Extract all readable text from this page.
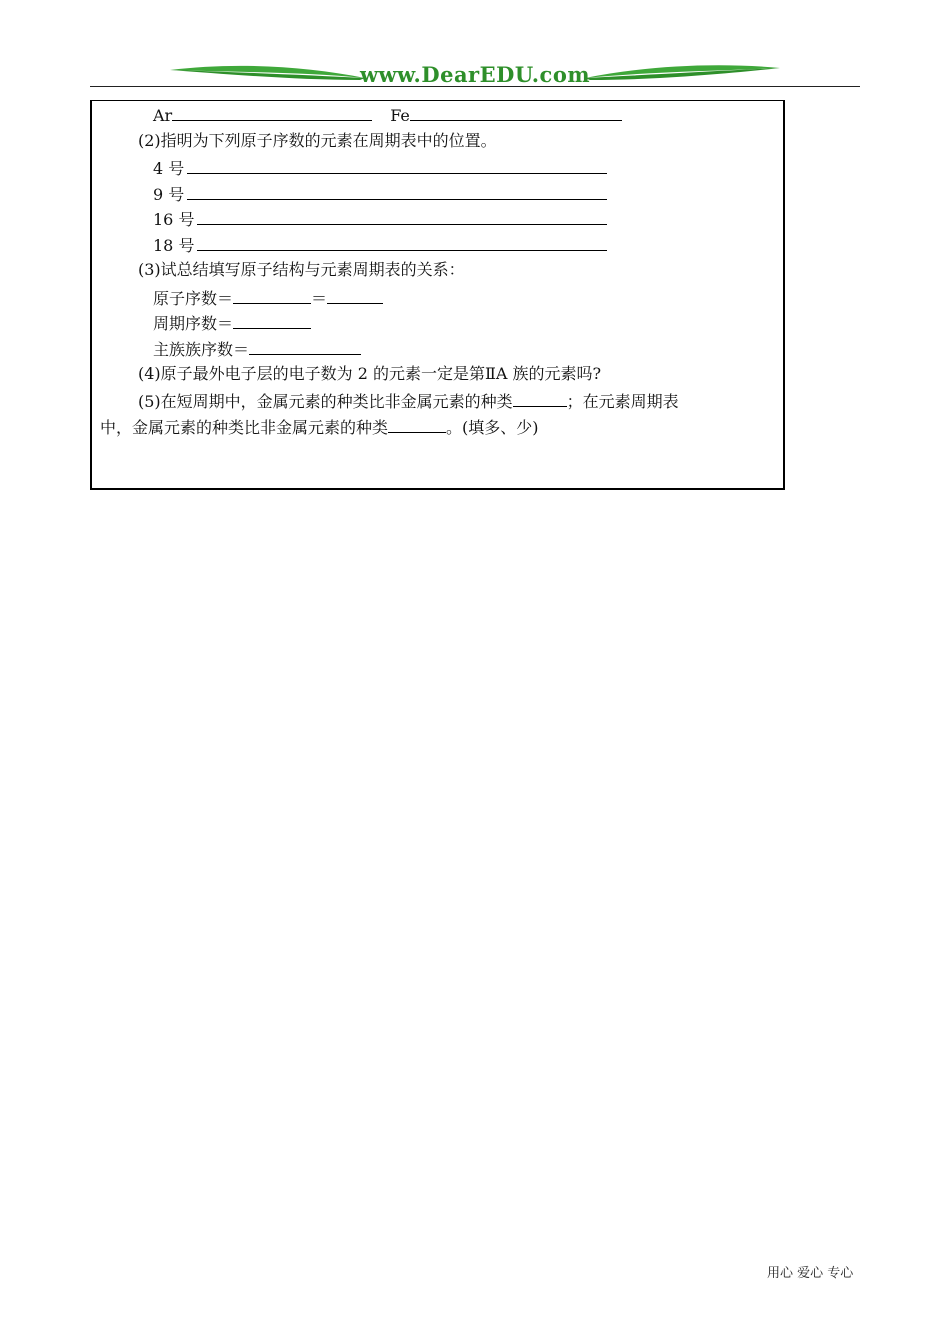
www.DearEDU.com
Ar	Fe
(2)指明为下列原子序数的元素在周期表中的位置。
4 号
9 号
16 号
18 号
(3)试总结填写原子结构与元素周期表的关系：
原子序数＝	＝
周期序数＝
主族族序数＝
(4)原子最外电子层的电子数为 2 的元素一定是第ⅡA 族的元素吗?
(5)在短周期中，金属元素的种类比非金属元素的种类	；在元素周期表
中，金属元素的种类比非金属元素的种类	。(填多、少)
用心 爱心 专心
